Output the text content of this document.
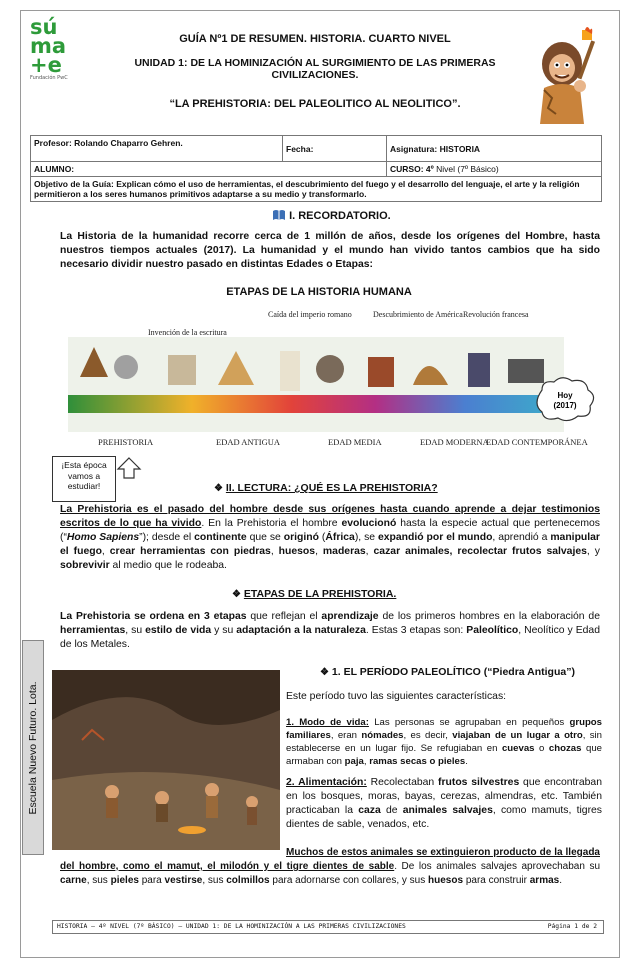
sú
ma
+e
Fundación PwC
GUÍA Nº1 DE RESUMEN. HISTORIA. CUARTO NIVEL
UNIDAD 1: DE LA HOMINIZACIÓN AL SURGIMIENTO DE LAS PRIMERAS CIVILIZACIONES.
“LA PREHISTORIA: DEL PALEOLITICO AL NEOLITICO”.
Profesor: Rolando Chaparro Gehren.	Fecha:	Asignatura: HISTORIA
ALUMNO:		CURSO: 4º Nivel (7º Básico)
Objetivo de la Guía: Explican cómo el uso de herramientas, el descubrimiento del fuego y el desarrollo del lenguaje, el arte y la religión permitieron a los seres humanos primitivos adaptarse a su medio y transformarlo.		
I. RECORDATORIO.
La Historia de la humanidad recorre cerca de 1 millón de años, desde los orígenes del Hombre, hasta nuestros tiempos actuales (2017). La humanidad y el mundo han vivido tantos cambios que ha sido necesario dividir nuestro pasado en distintas Edades o Etapas:
ETAPAS DE LA HISTORIA HUMANA
Invención de la escritura
Caída del imperio romano	Descubrimiento de América Revolución francesa
PREHISTORIA	EDAD ANTIGUA	EDAD MEDIA	EDAD MODERNA
EDAD CONTEMPORÁNEA
Hoy
(2017)
¡Esta época vamos a estudiar!	❖ II. LECTURA: ¿QUÉ ES LA PREHISTORIA?
La Prehistoria es el pasado del hombre desde sus orígenes hasta cuando aprende a dejar testimonios escritos de lo que ha vivido. En la Prehistoria el hombre evolucionó hasta la especie actual que pertenecemos (“Homo Sapiens”); desde el continente que se originó (África), se expandió por el mundo, aprendió a manipular el fuego, crear herramientas con piedras, huesos, maderas, cazar animales, recolectar frutos salvajes, y sobrevivir al medio que le rodeaba.
❖ ETAPAS DE LA PREHISTORIA.
La Prehistoria se ordena en 3 etapas que reflejan el aprendizaje de los primeros hombres en la elaboración de herramientas, su estilo de vida y su adaptación a la naturaleza. Estas 3 etapas son: Paleolítico, Neolítico y Edad de los Metales.
❖ 1. EL PERÍODO PALEOLÍTICO (“Piedra Antigua”)
Este período tuvo las siguientes características:
1. Modo de vida: Las personas se agrupaban en pequeños grupos familiares, eran nómades, es decir, viajaban de un lugar a otro, sin establecerse en un lugar fijo. Se refugiaban en cuevas o chozas que armaban con paja, ramas secas o pieles.
2. Alimentación: Recolectaban frutos silvestres que encontraban en los bosques, moras, bayas, cerezas, almendras, etc. También practicaban la caza de animales salvajes, como mamuts, tigres dientes de sable, venados, etc.
Muchos de estos animales se extinguieron producto de la llegada del hombre, como el mamut, el milodón y el tigre dientes de sable. De los animales salvajes aprovechaban su carne, sus pieles para vestirse, sus colmillos para adornarse con collares, y sus huesos para construir armas.
Escuela Nuevo Futuro. Lota.
HISTORIA – 4º NIVEL (7º BÁSICO) – UNIDAD 1: DE LA HOMINIZACIÓN A LAS PRIMERAS CIVILIZACIONES	Página 1 de 2
